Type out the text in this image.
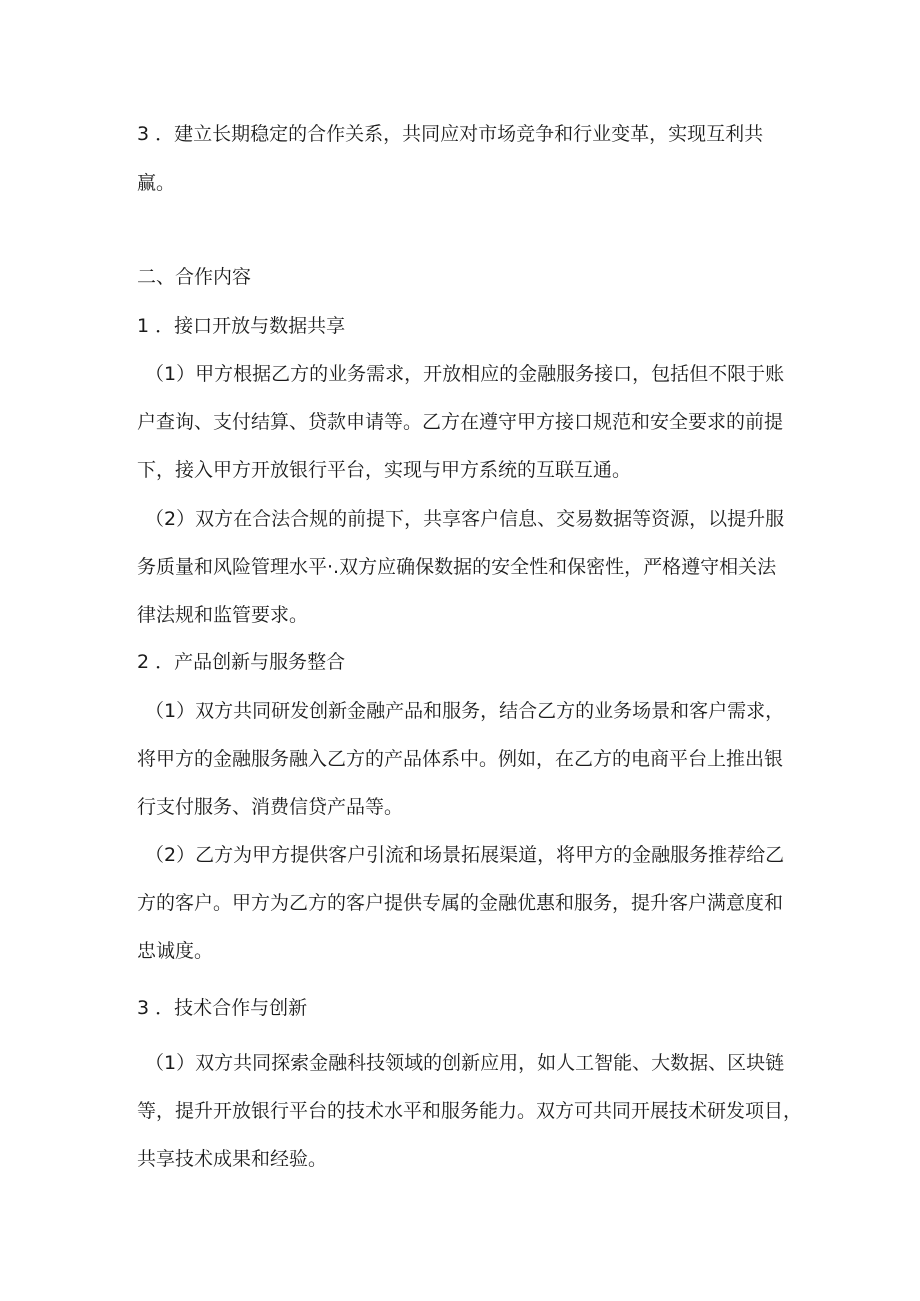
3 ．建立长期稳定的合作关系，共同应对市场竞争和行业变革，实现互利共
赢。
二、合作内容
1 ．接口开放与数据共享
（1）甲方根据乙方的业务需求，开放相应的金融服务接口，包括但不限于账
户查询、支付结算、贷款申请等。乙方在遵守甲方接口规范和安全要求的前提
下，接入甲方开放银行平台，实现与甲方系统的互联互通。
（2）双方在合法合规的前提下，共享客户信息、交易数据等资源，以提升服
务质量和风险管理水平·.双方应确保数据的安全性和保密性，严格遵守相关法
律法规和监管要求。
2 ．产品创新与服务整合
（1）双方共同研发创新金融产品和服务，结合乙方的业务场景和客户需求，
将甲方的金融服务融入乙方的产品体系中。例如，在乙方的电商平台上推出银
行支付服务、消费信贷产品等。
（2）乙方为甲方提供客户引流和场景拓展渠道，将甲方的金融服务推荐给乙
方的客户。甲方为乙方的客户提供专属的金融优惠和服务，提升客户满意度和
忠诚度。
3 ．技术合作与创新
（1）双方共同探索金融科技领域的创新应用，如人工智能、大数据、区块链
等，提升开放银行平台的技术水平和服务能力。双方可共同开展技术研发项目，
共享技术成果和经验。
